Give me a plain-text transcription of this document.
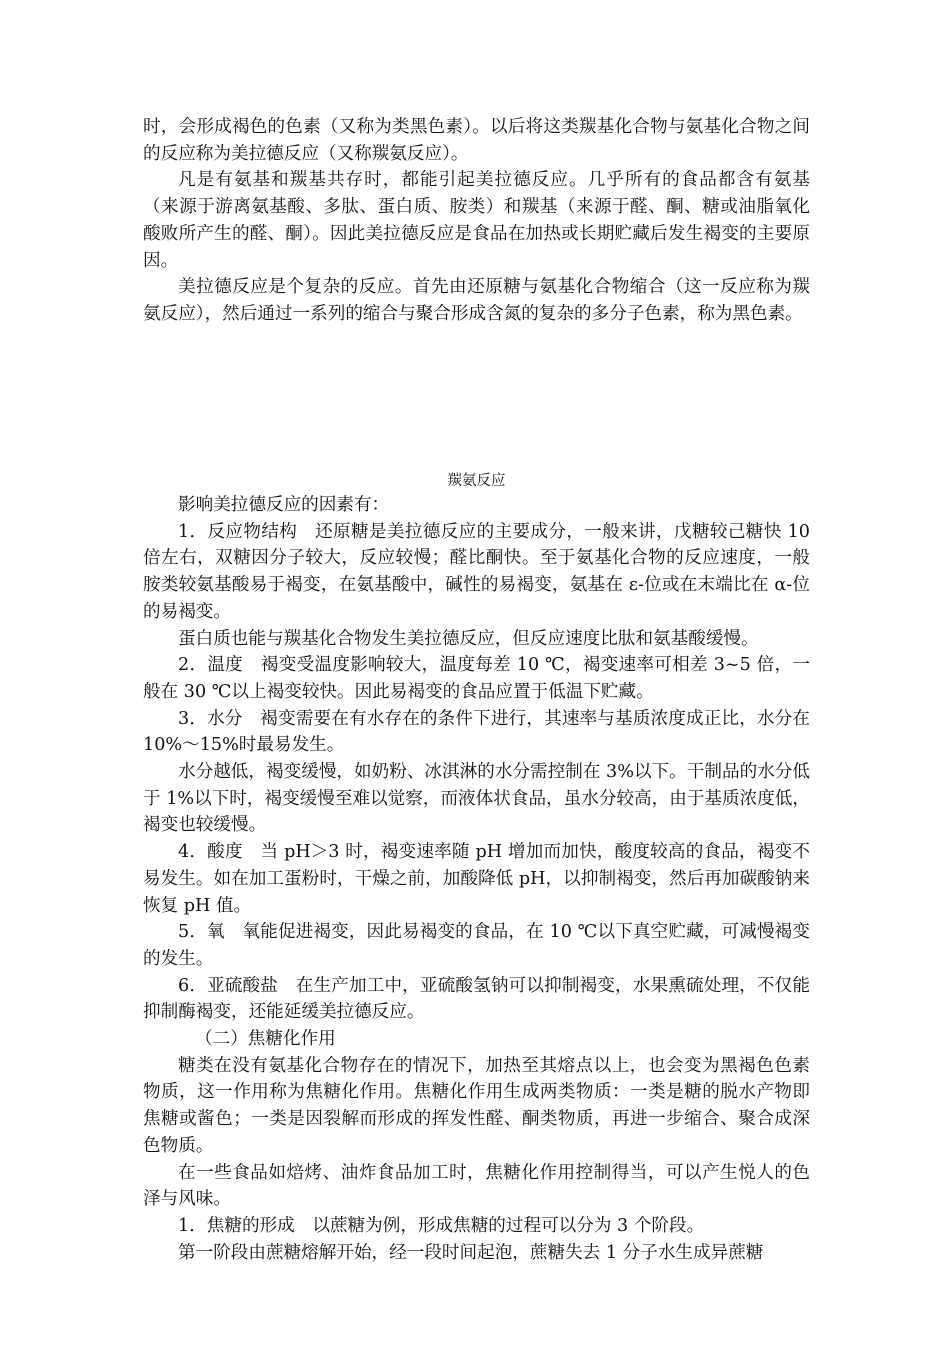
时，会形成褐色的色素（又称为类黑色素）。以后将这类羰基化合物与氨基化合物之间的反应称为美拉德反应（又称羰氨反应）。

凡是有氨基和羰基共存时，都能引起美拉德反应。几乎所有的食品都含有氨基（来源于游离氨基酸、多肽、蛋白质、胺类）和羰基（来源于醛、酮、糖或油脂氧化酸败所产生的醛、酮）。因此美拉德反应是食品在加热或长期贮藏后发生褐变的主要原因。

美拉德反应是个复杂的反应。首先由还原糖与氨基化合物缩合（这一反应称为羰氨反应），然后通过一系列的缩合与聚合形成含氮的复杂的多分子色素，称为黑色素。

羰氨反应

影响美拉德反应的因素有：

1．反应物结构　还原糖是美拉德反应的主要成分，一般来讲，戊糖较己糖快 10 倍左右，双糖因分子较大，反应较慢；醛比酮快。至于氨基化合物的反应速度，一般胺类较氨基酸易于褐变，在氨基酸中，碱性的易褐变，氨基在 ε-位或在末端比在 α-位的易褐变。

蛋白质也能与羰基化合物发生美拉德反应，但反应速度比肽和氨基酸缓慢。

2．温度　褐变受温度影响较大，温度每差 10 ℃，褐变速率可相差 3~5 倍，一般在 30 ℃以上褐变较快。因此易褐变的食品应置于低温下贮藏。

3．水分　褐变需要在有水存在的条件下进行，其速率与基质浓度成正比，水分在 10%～15%时最易发生。

水分越低，褐变缓慢，如奶粉、冰淇淋的水分需控制在 3%以下。干制品的水分低于 1%以下时，褐变缓慢至难以觉察，而液体状食品，虽水分较高，由于基质浓度低，褐变也较缓慢。

4．酸度　当 pH＞3 时，褐变速率随 pH 增加而加快，酸度较高的食品，褐变不易发生。如在加工蛋粉时，干燥之前，加酸降低 pH，以抑制褐变，然后再加碳酸钠来恢复 pH 值。

5．氧　氧能促进褐变，因此易褐变的食品，在 10 ℃以下真空贮藏，可减慢褐变的发生。

6．亚硫酸盐　在生产加工中，亚硫酸氢钠可以抑制褐变，水果熏硫处理，不仅能抑制酶褐变，还能延缓美拉德反应。

（二）焦糖化作用

糖类在没有氨基化合物存在的情况下，加热至其熔点以上，也会变为黑褐色色素物质，这一作用称为焦糖化作用。焦糖化作用生成两类物质：一类是糖的脱水产物即焦糖或酱色；一类是因裂解而形成的挥发性醛、酮类物质，再进一步缩合、聚合成深色物质。

在一些食品如焙烤、油炸食品加工时，焦糖化作用控制得当，可以产生悦人的色泽与风味。

1．焦糖的形成　以蔗糖为例，形成焦糖的过程可以分为 3 个阶段。

第一阶段由蔗糖熔解开始，经一段时间起泡，蔗糖失去 1 分子水生成异蔗糖
